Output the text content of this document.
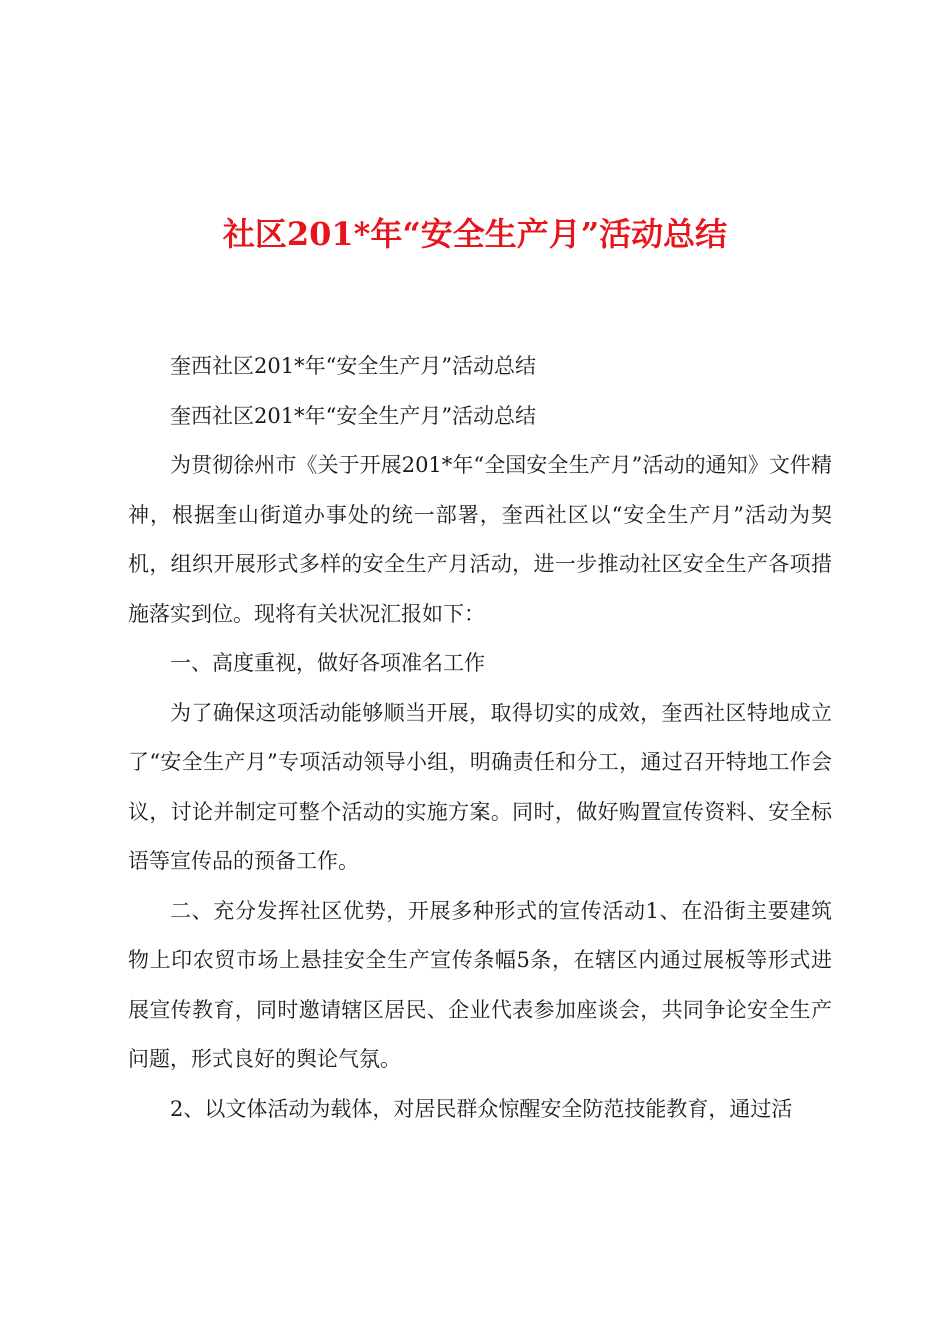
社区201*年“安全生产月”活动总结

奎西社区201*年“安全生产月”活动总结

奎西社区201*年“安全生产月”活动总结

为贯彻徐州市《关于开展201*年“全国安全生产月”活动的通知》文件精神，根据奎山街道办事处的统一部署，奎西社区以“安全生产月”活动为契机，组织开展形式多样的安全生产月活动，进一步推动社区安全生产各项措施落实到位。现将有关状况汇报如下：

一、高度重视，做好各项准名工作

为了确保这项活动能够顺当开展，取得切实的成效，奎西社区特地成立了“安全生产月”专项活动领导小组，明确责任和分工，通过召开特地工作会议，讨论并制定可整个活动的实施方案。同时，做好购置宣传资料、安全标语等宣传品的预备工作。

二、充分发挥社区优势，开展多种形式的宣传活动1、在沿街主要建筑物上印农贸市场上悬挂安全生产宣传条幅5条，在辖区内通过展板等形式进展宣传教育，同时邀请辖区居民、企业代表参加座谈会，共同争论安全生产问题，形式良好的舆论气氛。

2、以文体活动为载体，对居民群众惊醒安全防范技能教育，通过活
